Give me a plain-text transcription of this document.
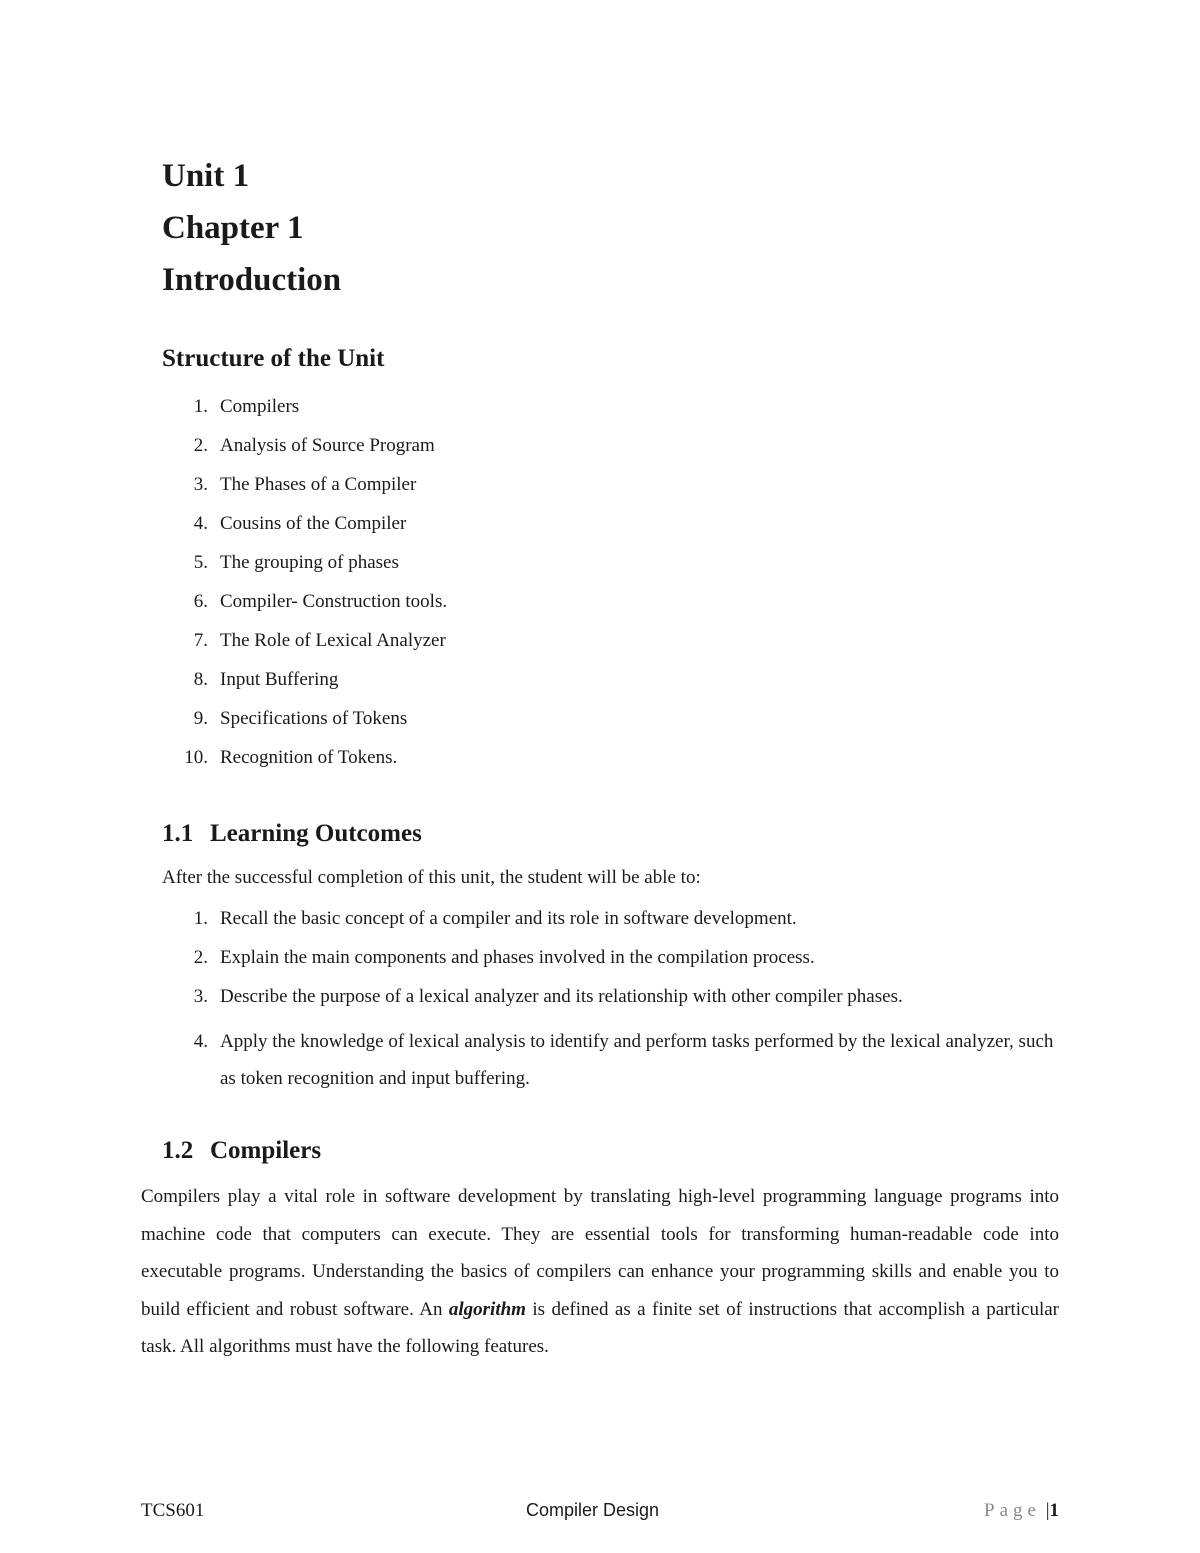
Unit 1

Chapter 1

Introduction

Structure of the Unit
1. Compilers
2. Analysis of Source Program
3. The Phases of a Compiler
4. Cousins of the Compiler
5. The grouping of phases
6. Compiler- Construction tools.
7. The Role of Lexical Analyzer
8. Input Buffering
9. Specifications of Tokens
10. Recognition of Tokens.
1.1 Learning Outcomes
After the successful completion of this unit, the student will be able to:
1. Recall the basic concept of a compiler and its role in software development.
2. Explain the main components and phases involved in the compilation process.
3. Describe the purpose of a lexical analyzer and its relationship with other compiler phases.
4. Apply the knowledge of lexical analysis to identify and perform tasks performed by the lexical analyzer, such as token recognition and input buffering.
1.2 Compilers

Compilers play a vital role in software development by translating high-level programming language programs into machine code that computers can execute. They are essential tools for transforming human-readable code into executable programs. Understanding the basics of compilers can enhance your programming skills and enable you to build efficient and robust software. An algorithm is defined as a finite set of instructions that accomplish a particular task. All algorithms must have the following features.

TCS601	Compiler Design	Page |1
